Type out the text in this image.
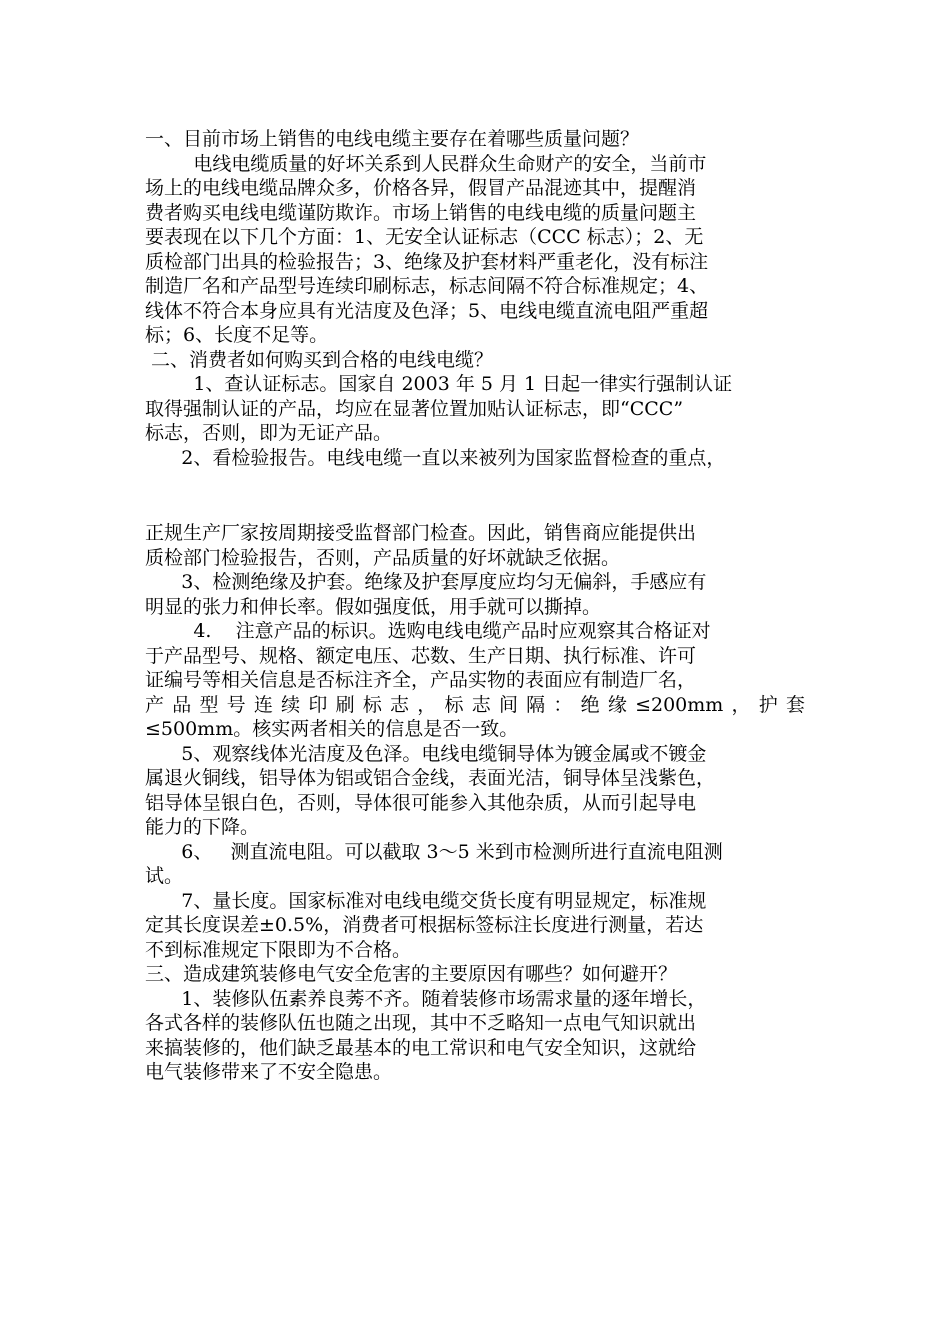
一、目前市场上销售的电线电缆主要存在着哪些质量问题？
电线电缆质量的好坏关系到人民群众生命财产的安全，当前市
场上的电线电缆品牌众多，价格各异，假冒产品混迹其中，提醒消
费者购买电线电缆谨防欺诈。市场上销售的电线电缆的质量问题主
要表现在以下几个方面：1、无安全认证标志（CCC 标志）；2、无
质检部门出具的检验报告；3、绝缘及护套材料严重老化，没有标注
制造厂名和产品型号连续印刷标志，标志间隔不符合标准规定；4、
线体不符合本身应具有光洁度及色泽；5、电线电缆直流电阻严重超
标；6、长度不足等。
二、消费者如何购买到合格的电线电缆？
1、查认证标志。国家自 2003 年 5 月 1 日起一律实行强制认证
取得强制认证的产品，均应在显著位置加贴认证标志，即“CCC”
标志，否则，即为无证产品。
2、看检验报告。电线电缆一直以来被列为国家监督检查的重点，
正规生产厂家按周期接受监督部门检查。因此，销售商应能提供出
质检部门检验报告，否则，产品质量的好坏就缺乏依据。
3、检测绝缘及护套。绝缘及护套厚度应均匀无偏斜，手感应有
明显的张力和伸长率。假如强度低，用手就可以撕掉。
4.    注意产品的标识。选购电线电缆产品时应观察其合格证对
于产品型号、规格、额定电压、芯数、生产日期、执行标准、许可
证编号等相关信息是否标注齐全，产品实物的表面应有制造厂名，
产品型号连续印刷标志，标志间隔：绝缘≤200mm，护套
≤500mm。核实两者相关的信息是否一致。
5、观察线体光洁度及色泽。电线电缆铜导体为镀金属或不镀金
属退火铜线，铝导体为铝或铝合金线，表面光洁，铜导体呈浅紫色，
铝导体呈银白色，否则，导体很可能参入其他杂质，从而引起导电
能力的下降。
6、   测直流电阻。可以截取 3～5 米到市检测所进行直流电阻测
试。
7、量长度。国家标准对电线电缆交货长度有明显规定，标准规
定其长度误差±0.5%，消费者可根据标签标注长度进行测量，若达
不到标准规定下限即为不合格。
三、造成建筑装修电气安全危害的主要原因有哪些？如何避开？
1、装修队伍素养良莠不齐。随着装修市场需求量的逐年增长，
各式各样的装修队伍也随之出现，其中不乏略知一点电气知识就出
来搞装修的，他们缺乏最基本的电工常识和电气安全知识，这就给
电气装修带来了不安全隐患。
